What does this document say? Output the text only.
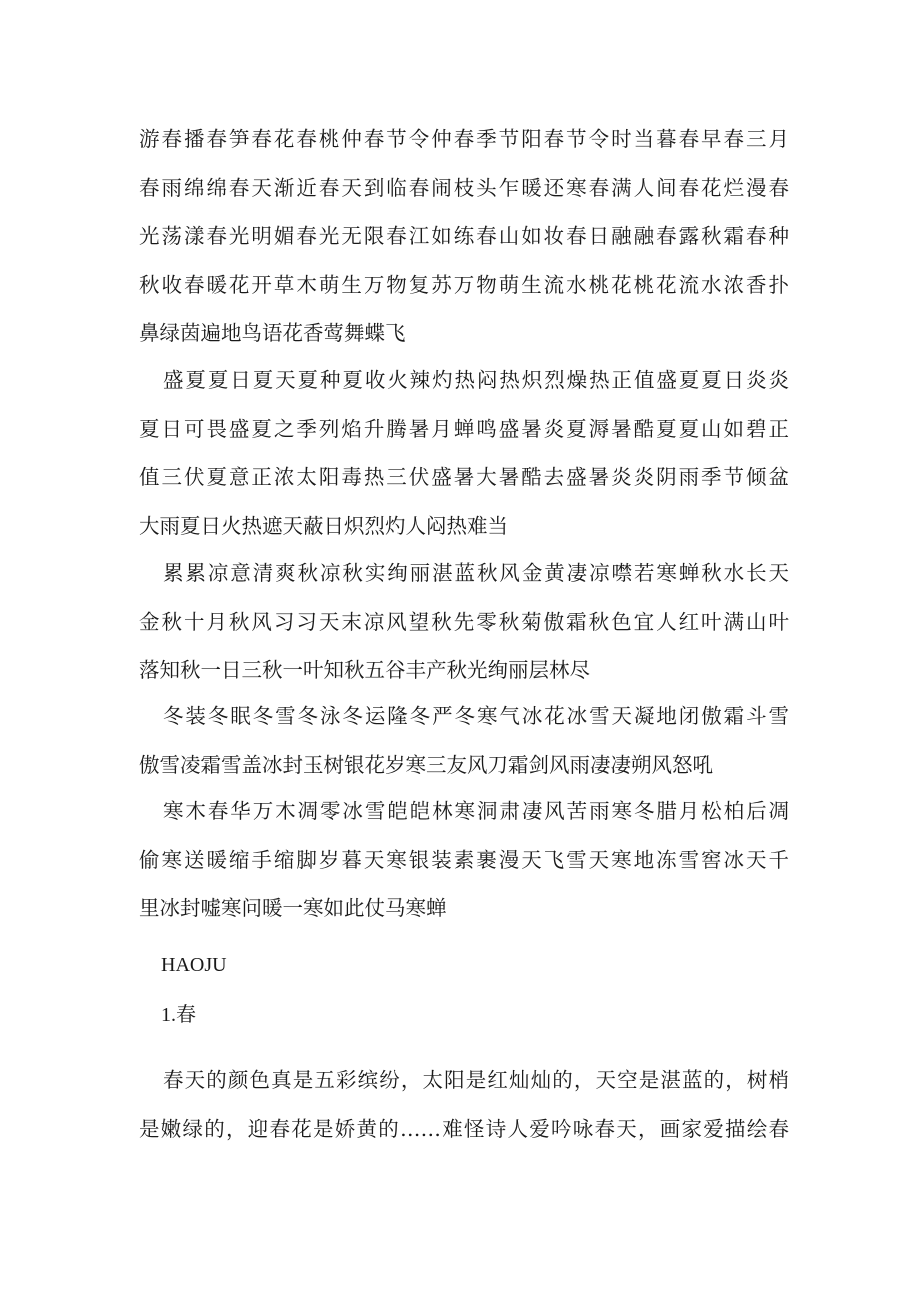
游春播春笋春花春桃仲春节令仲春季节阳春节令时当暮春早春三月
春雨绵绵春天渐近春天到临春闹枝头乍暖还寒春满人间春花烂漫春
光荡漾春光明媚春光无限春江如练春山如妆春日融融春露秋霜春种
秋收春暖花开草木萌生万物复苏万物萌生流水桃花桃花流水浓香扑
鼻绿茵遍地鸟语花香莺舞蝶飞
盛夏夏日夏天夏种夏收火辣灼热闷热炽烈燥热正值盛夏夏日炎炎
夏日可畏盛夏之季列焰升腾暑月蝉鸣盛暑炎夏溽暑酷夏夏山如碧正
值三伏夏意正浓太阳毒热三伏盛暑大暑酷去盛暑炎炎阴雨季节倾盆
大雨夏日火热遮天蔽日炽烈灼人闷热难当
累累凉意清爽秋凉秋实绚丽湛蓝秋风金黄凄凉噤若寒蝉秋水长天
金秋十月秋风习习天末凉风望秋先零秋菊傲霜秋色宜人红叶满山叶
落知秋一日三秋一叶知秋五谷丰产秋光绚丽层林尽
冬装冬眠冬雪冬泳冬运隆冬严冬寒气冰花冰雪天凝地闭傲霜斗雪
傲雪凌霜雪盖冰封玉树银花岁寒三友风刀霜剑风雨凄凄朔风怒吼
寒木春华万木凋零冰雪皑皑林寒洞肃凄风苦雨寒冬腊月松柏后凋
偷寒送暖缩手缩脚岁暮天寒银装素裹漫天飞雪天寒地冻雪窖冰天千
里冰封嘘寒问暖一寒如此仗马寒蝉
HAOJU
1.春
春天的颜色真是五彩缤纷，太阳是红灿灿的，天空是湛蓝的，树梢
是嫩绿的，迎春花是娇黄的……难怪诗人爱吟咏春天，画家爱描绘春
